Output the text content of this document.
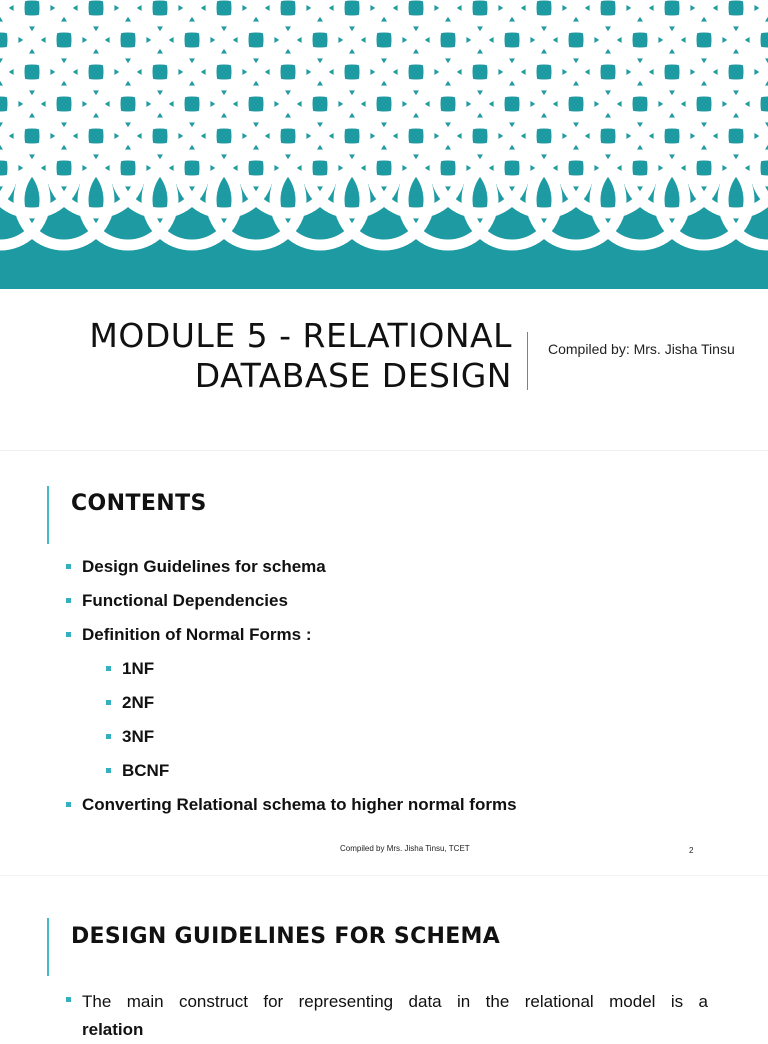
MODULE 5 - RELATIONAL
DATABASE DESIGN
Compiled by: Mrs. Jisha Tinsu
CONTENTS
Design Guidelines for schema
Functional Dependencies
Definition of Normal Forms :
1NF
2NF
3NF
BCNF
Converting Relational schema to higher normal forms
Compiled by Mrs. Jisha Tinsu, TCET	2
DESIGN GUIDELINES FOR SCHEMA
The main construct for representing data in the relational model is a
relation
